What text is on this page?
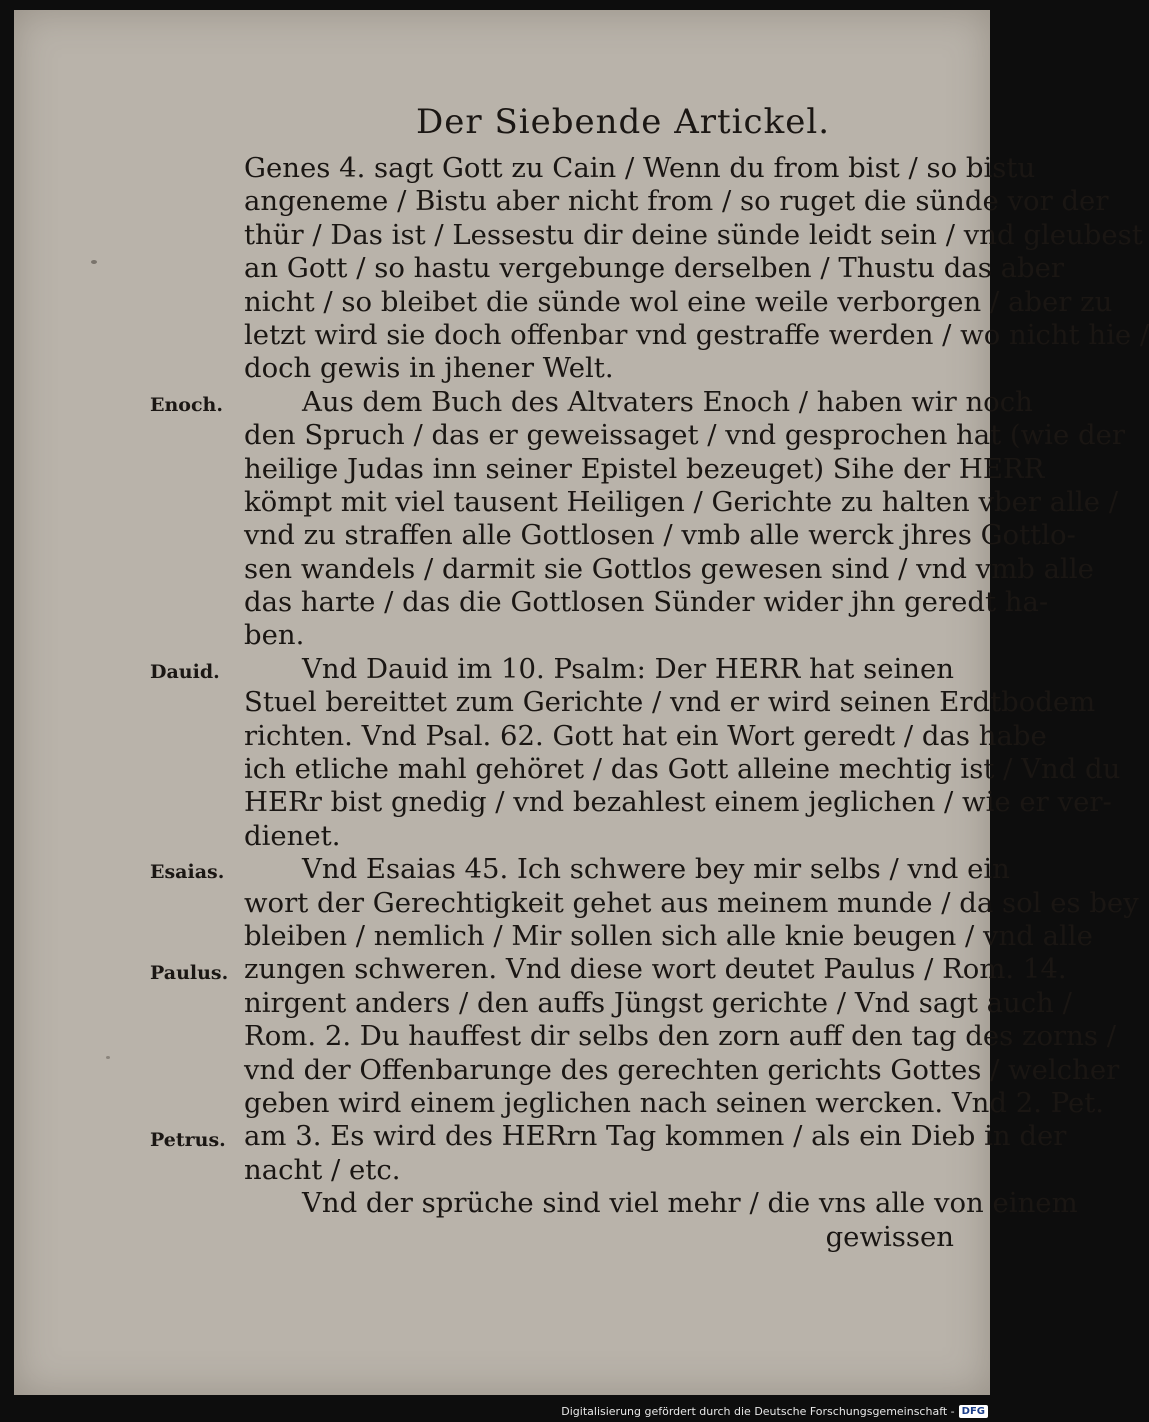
Der Siebende Artickel.
Genes 4. sagt Gott zu Cain / Wenn du from bist / so bistu
angeneme / Bistu aber nicht from / so ruget die sünde vor der
thür / Das ist / Lessestu dir deine sünde leidt sein / vnd gleubest
an Gott / so hastu vergebunge derselben / Thustu das aber
nicht / so bleibet die sünde wol eine weile verborgen / aber zu
letzt wird sie doch offenbar vnd gestraffe werden / wo nicht hie /
doch gewis in jhener Welt.
Aus dem Buch des Altvaters Enoch / haben wir noch
den Spruch / das er geweissaget / vnd gesprochen hat (wie der
heilige Judas inn seiner Epistel bezeuget) Sihe der HERR
kömpt mit viel tausent Heiligen / Gerichte zu halten vber alle /
vnd zu straffen alle Gottlosen / vmb alle werck jhres Gottlo-
sen wandels / darmit sie Gottlos gewesen sind / vnd vmb alle
das harte / das die Gottlosen Sünder wider jhn geredt ha-
ben.
Vnd Dauid im 10. Psalm: Der HERR hat seinen
Stuel bereittet zum Gerichte / vnd er wird seinen Erdtbodem
richten. Vnd Psal. 62. Gott hat ein Wort geredt / das habe
ich etliche mahl gehöret / das Gott alleine mechtig ist / Vnd du
HERr bist gnedig / vnd bezahlest einem jeglichen / wie er ver-
dienet.
Vnd Esaias 45. Ich schwere bey mir selbs / vnd ein
wort der Gerechtigkeit gehet aus meinem munde / da sol es bey
bleiben / nemlich / Mir sollen sich alle knie beugen / vnd alle
zungen schweren. Vnd diese wort deutet Paulus / Rom. 14.
nirgent anders / den auffs Jüngst gerichte / Vnd sagt auch /
Rom. 2. Du hauffest dir selbs den zorn auff den tag des zorns /
vnd der Offenbarunge des gerechten gerichts Gottes / welcher
geben wird einem jeglichen nach seinen wercken. Vnd 2. Pet.
am 3. Es wird des HERrn Tag kommen / als ein Dieb in der
nacht / etc.
Vnd der sprüche sind viel mehr / die vns alle von einem
gewissen
Enoch.
Dauid.
Esaias.
Paulus.
Petrus.
Digitalisierung gefördert durch die Deutsche Forschungsgemeinschaft - DFG
